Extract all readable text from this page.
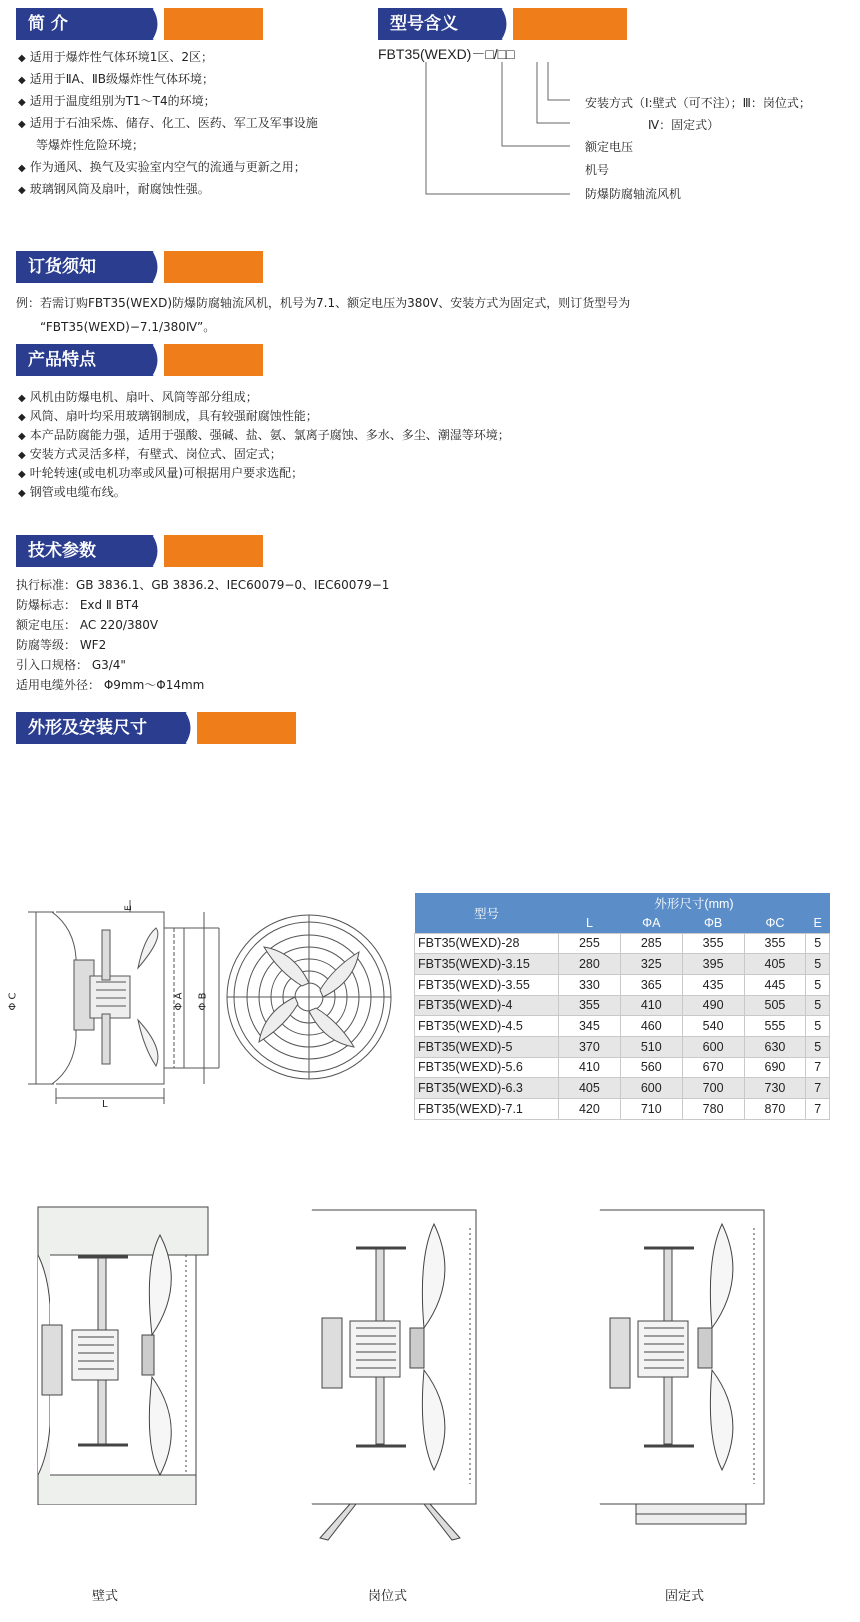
简 介
◆ 适用于爆炸性气体环境1区、2区；
◆ 适用于ⅡA、ⅡB级爆炸性气体环境；
◆ 适用于温度组别为T1～T4的环境；
◆ 适用于石油采炼、储存、化工、医药、军工及军事设施
等爆炸性危险环境；
◆ 作为通风、换气及实验室内空气的流通与更新之用；
◆ 玻璃钢风筒及扇叶，耐腐蚀性强。
型号含义
FBT35(WEXD)－□/□□
安装方式（Ⅰ:壁式（可不注）；Ⅲ：岗位式；
Ⅳ：固定式）
额定电压
机号
防爆防腐轴流风机
订货须知
例：若需订购FBT35(WEXD)防爆防腐轴流风机，机号为7.1、额定电压为380V、安装方式为固定式，则订货型号为
“FBT35(WEXD)−7.1/380Ⅳ”。
产品特点
◆ 风机由防爆电机、扇叶、风筒等部分组成；
◆ 风筒、扇叶均采用玻璃钢制成，具有较强耐腐蚀性能；
◆ 本产品防腐能力强，适用于强酸、强碱、盐、氨、氯离子腐蚀、多水、多尘、潮湿等环境；
◆ 安装方式灵活多样，有壁式、岗位式、固定式；
◆ 叶轮转速(或电机功率或风量)可根据用户要求选配；
◆ 钢管或电缆布线。
技术参数
执行标准：GB 3836.1、GB 3836.2、IEC60079−0、IEC60079−1
防爆标志： Exd Ⅱ BT4
额定电压： AC 220/380V
防腐等级： WF2
引入口规格： G3/4"
适用电缆外径： Φ9mm～Φ14mm
外形及安装尺寸
Φ C	Φ A Φ B
L
E	型号	外形尺寸(mm)				
	L	ΦA	ΦB	ΦC	E
FBT35(WEXD)-28	255	285	355	355	5
FBT35(WEXD)-3.15	280	325	395	405	5
FBT35(WEXD)-3.55	330	365	435	445	5
FBT35(WEXD)-4	355	410	490	505	5
FBT35(WEXD)-4.5	345	460	540	555	5
FBT35(WEXD)-5	370	510	600	630	5
FBT35(WEXD)-5.6	410	560	670	690	7
FBT35(WEXD)-6.3	405	600	700	730	7
FBT35(WEXD)-7.1	420	710	780	870	7
壁式	岗位式	固定式
